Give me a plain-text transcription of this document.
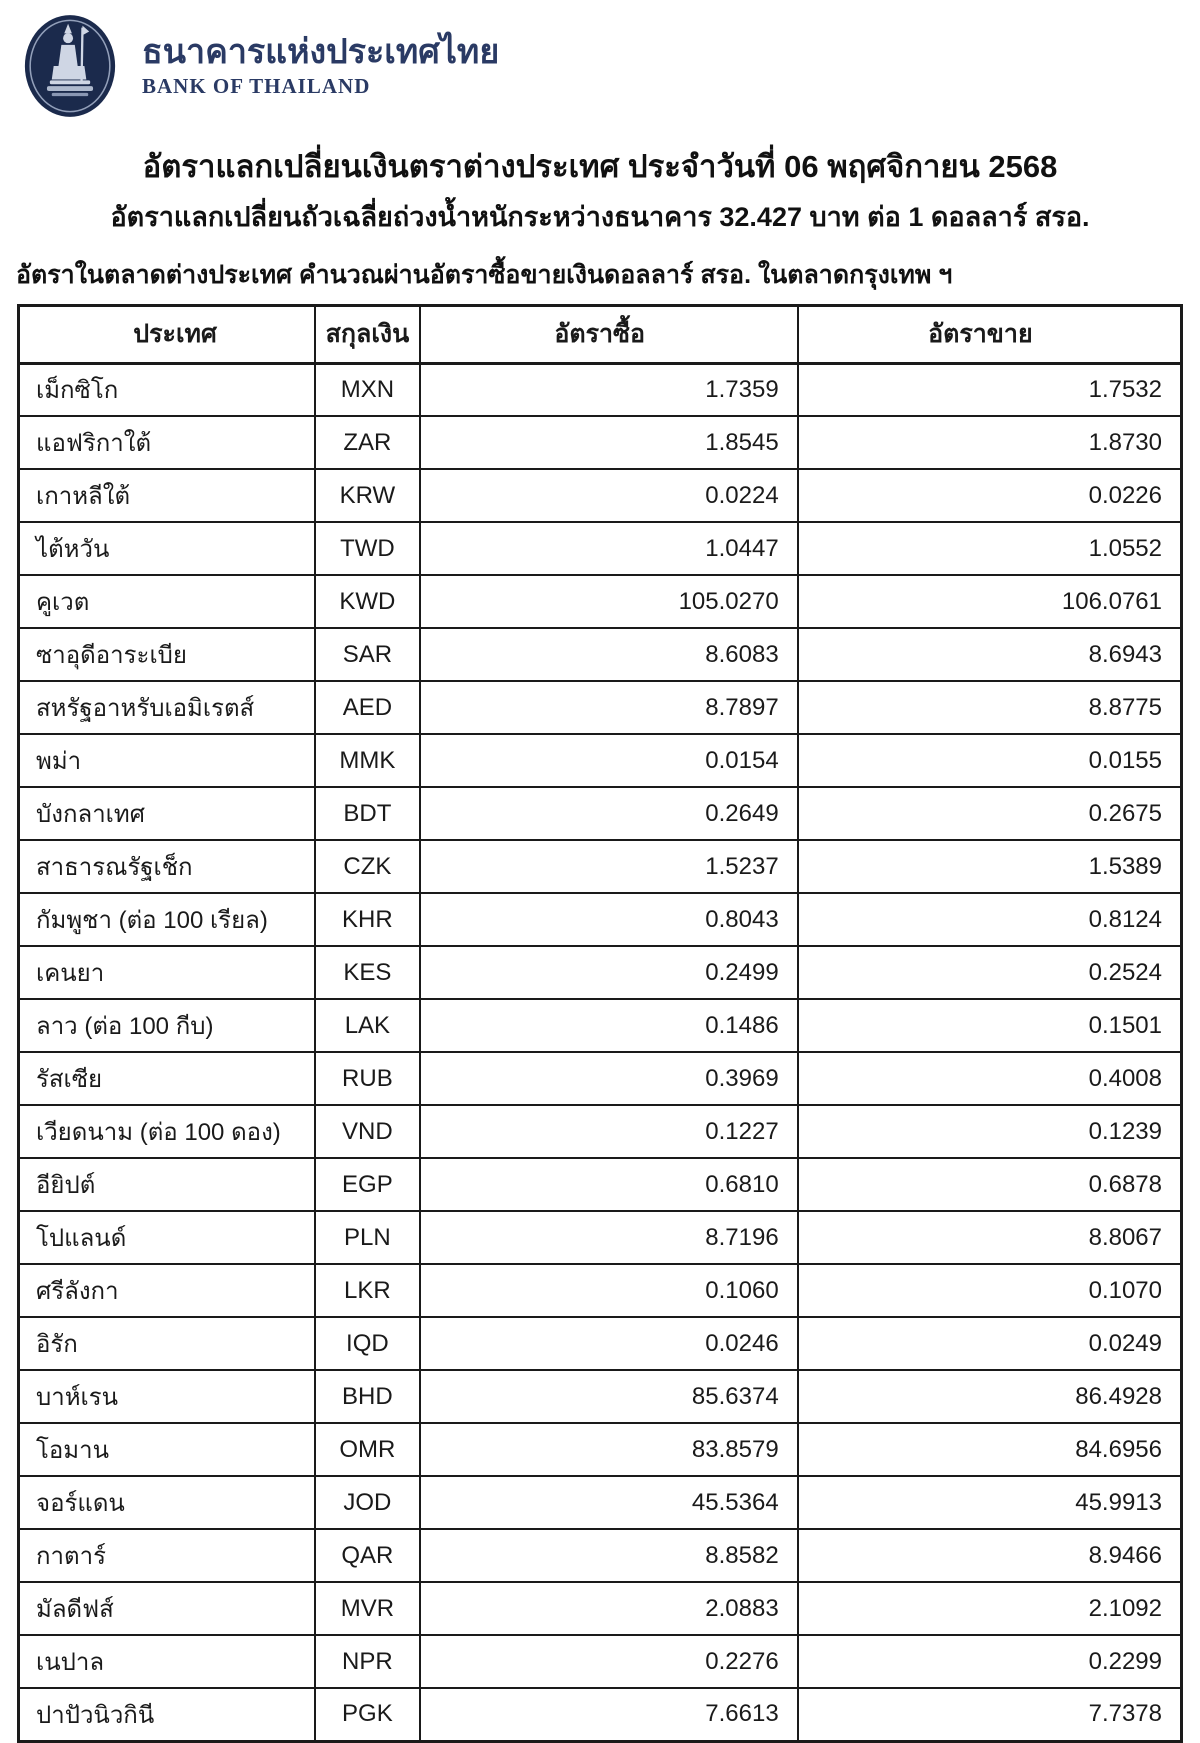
ธนาคารแห่งประเทศไทย
BANK OF THAILAND
อัตราแลกเปลี่ยนเงินตราต่างประเทศ ประจำวันที่ 06 พฤศจิกายน 2568
อัตราแลกเปลี่ยนถัวเฉลี่ยถ่วงน้ำหนักระหว่างธนาคาร 32.427 บาท ต่อ 1 ดอลลาร์ สรอ.
อัตราในตลาดต่างประเทศ คำนวณผ่านอัตราซื้อขายเงินดอลลาร์ สรอ. ในตลาดกรุงเทพ ฯ
ประเทศ	สกุลเงิน	อัตราซื้อ	อัตราขาย
เม็กซิโก	MXN	1.7359	1.7532
แอฟริกาใต้	ZAR	1.8545	1.8730
เกาหลีใต้	KRW	0.0224	0.0226
ไต้หวัน	TWD	1.0447	1.0552
คูเวต	KWD	105.0270	106.0761
ซาอุดีอาระเบีย	SAR	8.6083	8.6943
สหรัฐอาหรับเอมิเรตส์	AED	8.7897	8.8775
พม่า	MMK	0.0154	0.0155
บังกลาเทศ	BDT	0.2649	0.2675
สาธารณรัฐเช็ก	CZK	1.5237	1.5389
กัมพูชา (ต่อ 100 เรียล)	KHR	0.8043	0.8124
เคนยา	KES	0.2499	0.2524
ลาว (ต่อ 100 กีบ)	LAK	0.1486	0.1501
รัสเซีย	RUB	0.3969	0.4008
เวียดนาม (ต่อ 100 ดอง)	VND	0.1227	0.1239
อียิปต์	EGP	0.6810	0.6878
โปแลนด์	PLN	8.7196	8.8067
ศรีลังกา	LKR	0.1060	0.1070
อิรัก	IQD	0.0246	0.0249
บาห์เรน	BHD	85.6374	86.4928
โอมาน	OMR	83.8579	84.6956
จอร์แดน	JOD	45.5364	45.9913
กาตาร์	QAR	8.8582	8.9466
มัลดีฟส์	MVR	2.0883	2.1092
เนปาล	NPR	0.2276	0.2299
ปาปัวนิวกินี	PGK	7.6613	7.7378
